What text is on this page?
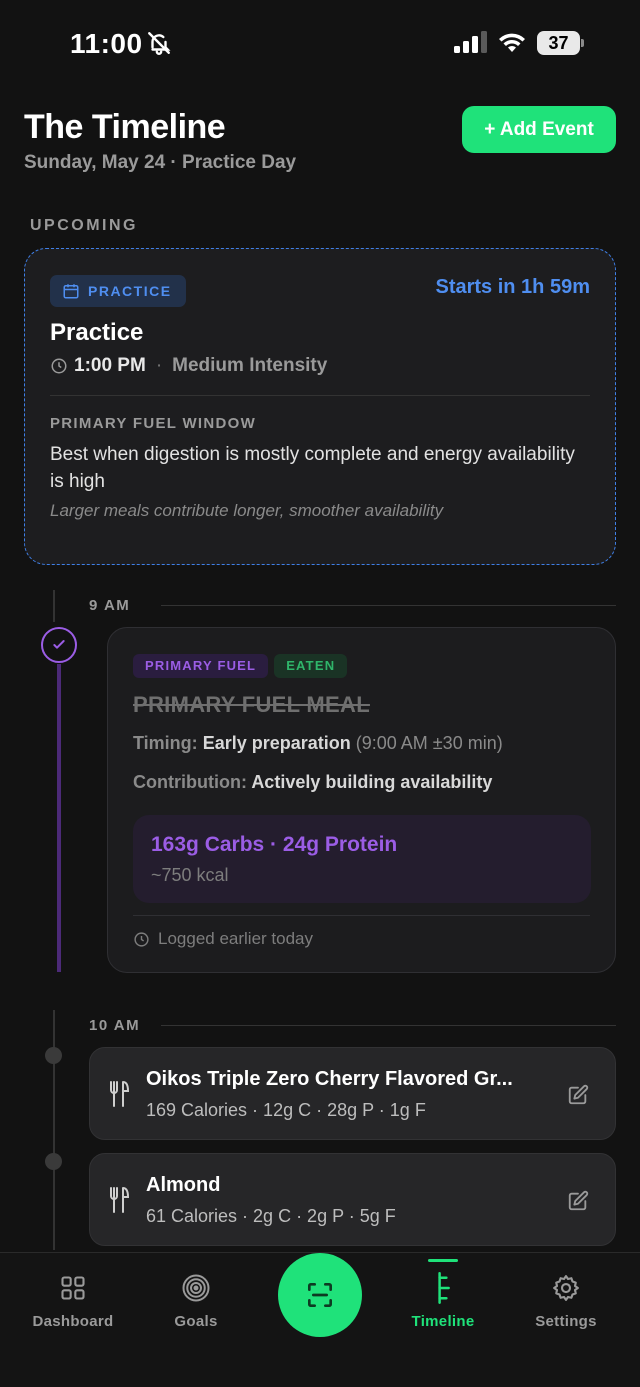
11:00	37
The Timeline
Sunday, May 24 · Practice Day
+ Add Event
UPCOMING
PRACTICE	Starts in 1h 59m
Practice
1:00 PM · Medium Intensity
PRIMARY FUEL WINDOW
Best when digestion is mostly complete and energy availability is high
Larger meals contribute longer, smoother availability
9 AM
PRIMARY FUEL	EATEN
PRIMARY FUEL MEAL
Timing: Early preparation (9:00 AM ±30 min)
Contribution: Actively building availability
163g Carbs · 24g Protein
~750 kcal
Logged earlier today
10 AM
Oikos Triple Zero Cherry Flavored Gr...
169 Calories · 12g C · 28g P · 1g F
Almond
61 Calories · 2g C · 2g P · 5g F
Dashboard	Goals	Timeline	Settings
